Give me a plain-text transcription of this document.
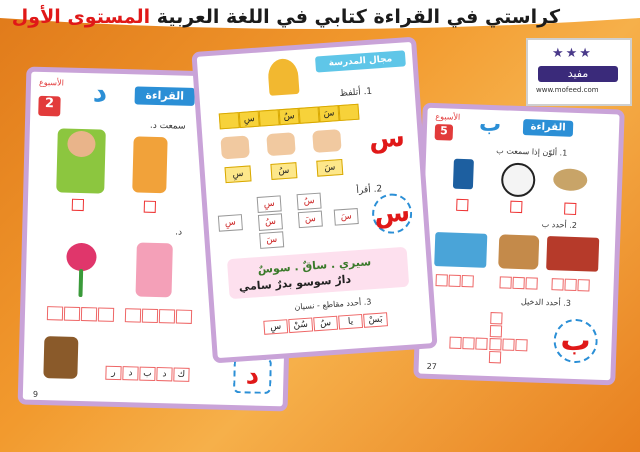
كراستي في القراءة كتابي في اللغة العربية المستوى الأول
★★★
مفيد
www.mofeed.com
2
الأسبوع د	القراءة
سمعت د.
د.
ر	د	ب	د	ك	د
9
الأسبوع
5 ب	القراءة
1. ألوّن إذا سمعت ب
2. أحدد ب
3. أحدد الدخيل
ب
27
مجال المدرسة
1. أتلفظ
سِ	سُ	سَ
س
سِ	سُ	سَ
2. أقرأ
سِ
سِ
سُ
سَ
سُ
سَ	سَ س
سيري . ساقٌ . سوسٌ
دارٌ سوسو بدرٌ سامي
3. أحدد مقاطع - نسيان
سِ	سُنْ	سُ	يا	بَسْ
